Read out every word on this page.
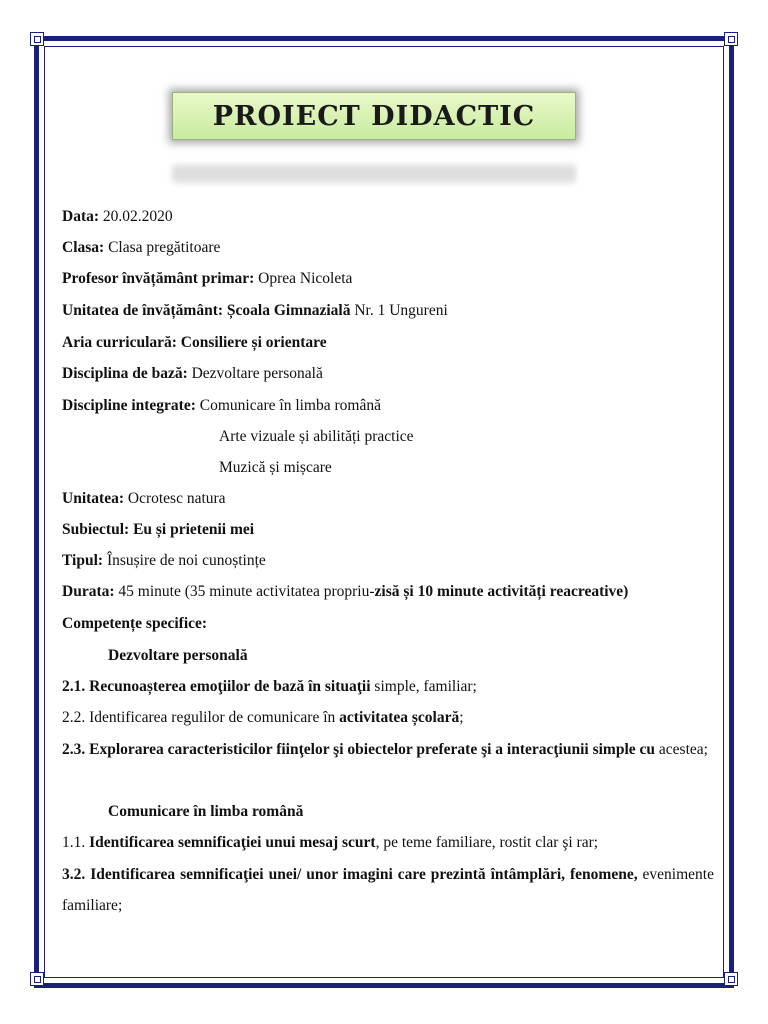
PROIECT DIDACTIC
Data: 20.02.2020
Clasa: Clasa pregătitoare
Profesor învățământ primar: Oprea Nicoleta
Unitatea de învățământ: Școala Gimnazială Nr. 1 Ungureni
Aria curriculară: Consiliere și orientare
Disciplina de bază: Dezvoltare personală
Discipline integrate: Comunicare în limba română
Arte vizuale și abilități practice
Muzică și mișcare
Unitatea: Ocrotesc natura
Subiectul: Eu și prietenii mei
Tipul: Însușire de noi cunoștințe
Durata: 45 minute (35 minute activitatea propriu-zisă și 10 minute activități reacreative)
Competențe specifice:
Dezvoltare personală
2.1. Recunoașterea emoţiilor de bază în situaţii simple, familiar;
2.2. Identificarea regulilor de comunicare în activitatea școlară;
2.3. Explorarea caracteristicilor fiinţelor şi obiectelor preferate şi a interacţiunii simple cu acestea;
Comunicare în limba română
1.1. Identificarea semnificaţiei unui mesaj scurt, pe teme familiare, rostit clar şi rar;
3.2. Identificarea semnificaţiei unei/ unor imagini care prezintă întâmplări, fenomene, evenimente familiare;
